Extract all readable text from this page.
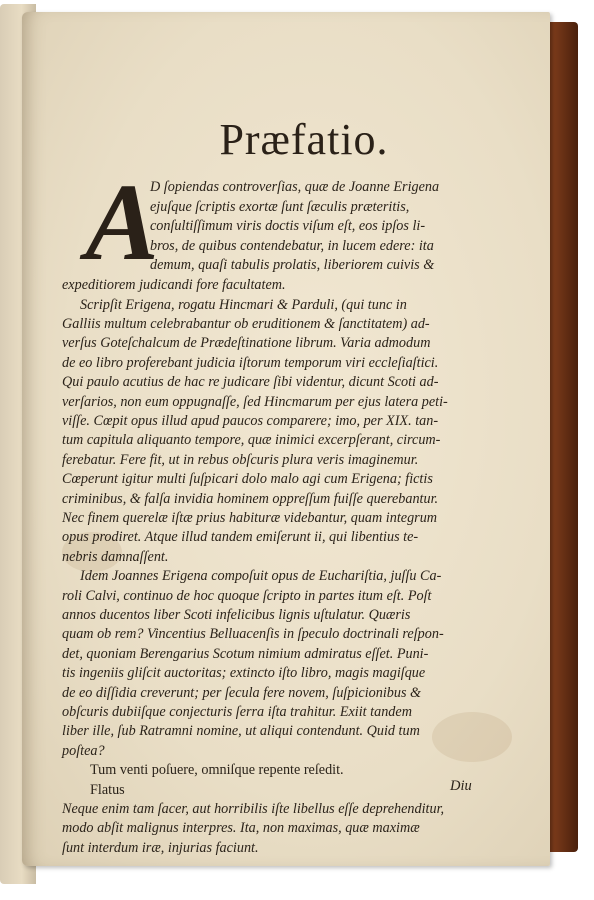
Præfatio.
A
D ſopiendas controverſias, quæ de Joanne Erigena
ejuſque ſcriptis exortæ ſunt ſæculis præteritis,
conſultiſſimum viris doctis viſum eſt, eos ipſos li-
bros, de quibus contendebatur, in lucem edere: ita
demum, quaſi tabulis prolatis, liberiorem cuivis &
expeditiorem judicandi fore facultatem.
Scripſit Erigena, rogatu Hincmari & Parduli, (qui tunc in
Galliis multum celebrabantur ob eruditionem & ſanctitatem) ad-
verſus Goteſchalcum de Prædeſtinatione librum. Varia admodum
de eo libro proferebant judicia iſtorum temporum viri eccleſiaſtici.
Qui paulo acutius de hac re judicare ſibi videntur, dicunt Scoti ad-
verſarios, non eum oppugnaſſe, ſed Hincmarum per ejus latera peti-
viſſe. Cœpit opus illud apud paucos comparere; imo, per XIX. tan-
tum capitula aliquanto tempore, quæ inimici excerpſerant, circum-
ferebatur. Fere fit, ut in rebus obſcuris plura veris imaginemur.
Cœperunt igitur multi ſuſpicari dolo malo agi cum Erigena; fictis
criminibus, & falſa invidia hominem oppreſſum fuiſſe querebantur.
Nec finem querelæ iſtæ prius habituræ videbantur, quam integrum
opus prodiret. Atque illud tandem emiſerunt ii, qui libentius te-
nebris damnaſſent.
Idem Joannes Erigena compoſuit opus de Euchariſtia, juſſu Ca-
roli Calvi, continuo de hoc quoque ſcripto in partes itum eſt. Poſt
annos ducentos liber Scoti infelicibus lignis uſtulatur. Quæris
quam ob rem? Vincentius Belluacenſis in ſpeculo doctrinali reſpon-
det, quoniam Berengarius Scotum nimium admiratus eſſet. Puni-
tis ingeniis gliſcit auctoritas; extincto iſto libro, magis magiſque
de eo diſſidia creverunt; per ſecula fere novem, ſuſpicionibus &
obſcuris dubiiſque conjecturis ſerra iſta trahitur. Exiit tandem
liber ille, ſub Ratramni nomine, ut aliqui contendunt. Quid tum
poſtea?
Tum venti poſuere, omniſque repente reſedit.
Flatus
Neque enim tam ſacer, aut horribilis iſte libellus eſſe deprehenditur,
modo abſit malignus interpres. Ita, non maximas, quæ maximæ
ſunt interdum iræ, injurias faciunt.
Diu
